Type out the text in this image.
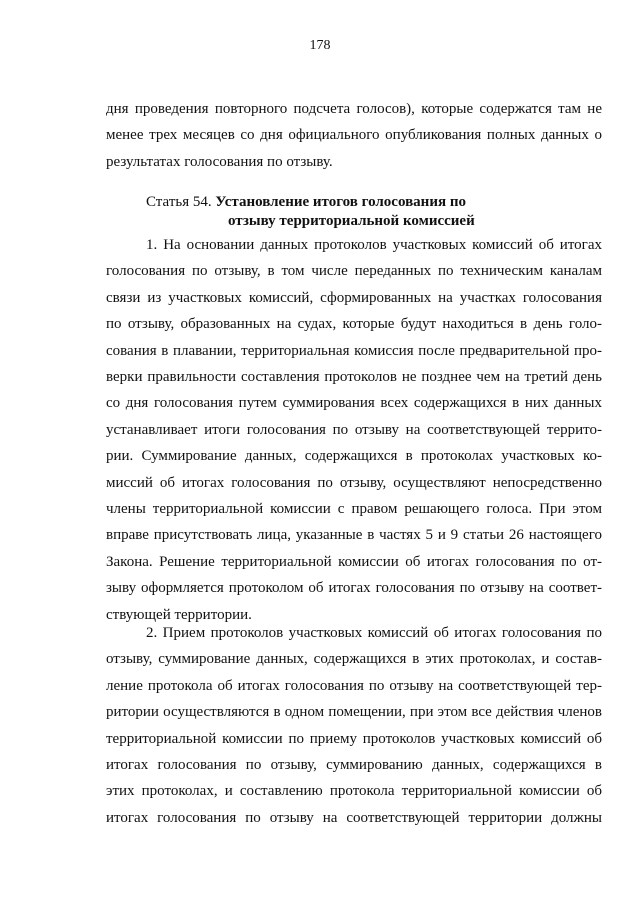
178
дня проведения повторного подсчета голосов), которые содержатся там не
менее трех месяцев со дня официального опубликования полных данных о
результатах голосования по отзыву.
Статья 54. Установление итогов голосования по
отзыву территориальной комиссией
1. На основании данных протоколов участковых комиссий об итогах
голосования по отзыву, в том числе переданных по техническим каналам
связи из участковых комиссий, сформированных на участках голосования
по отзыву, образованных на судах, которые будут находиться в день голо-
сования в плавании, территориальная комиссия после предварительной про-
верки правильности составления протоколов не позднее чем на третий день
со дня голосования путем суммирования всех содержащихся в них данных
устанавливает итоги голосования по отзыву на соответствующей террито-
рии. Суммирование данных, содержащихся в протоколах участковых ко-
миссий об итогах голосования по отзыву, осуществляют непосредственно
члены территориальной комиссии с правом решающего голоса. При этом
вправе присутствовать лица, указанные в частях 5 и 9 статьи 26 настоящего
Закона. Решение территориальной комиссии об итогах голосования по от-
зыву оформляется протоколом об итогах голосования по отзыву на соответ-
ствующей территории.
2. Прием протоколов участковых комиссий об итогах голосования по
отзыву, суммирование данных, содержащихся в этих протоколах, и состав-
ление протокола об итогах голосования по отзыву на соответствующей тер-
ритории осуществляются в одном помещении, при этом все действия членов
территориальной комиссии по приему протоколов участковых комиссий об
итогах голосования по отзыву, суммированию данных, содержащихся в
этих протоколах, и составлению протокола территориальной комиссии об
итогах голосования по отзыву на соответствующей территории должны
